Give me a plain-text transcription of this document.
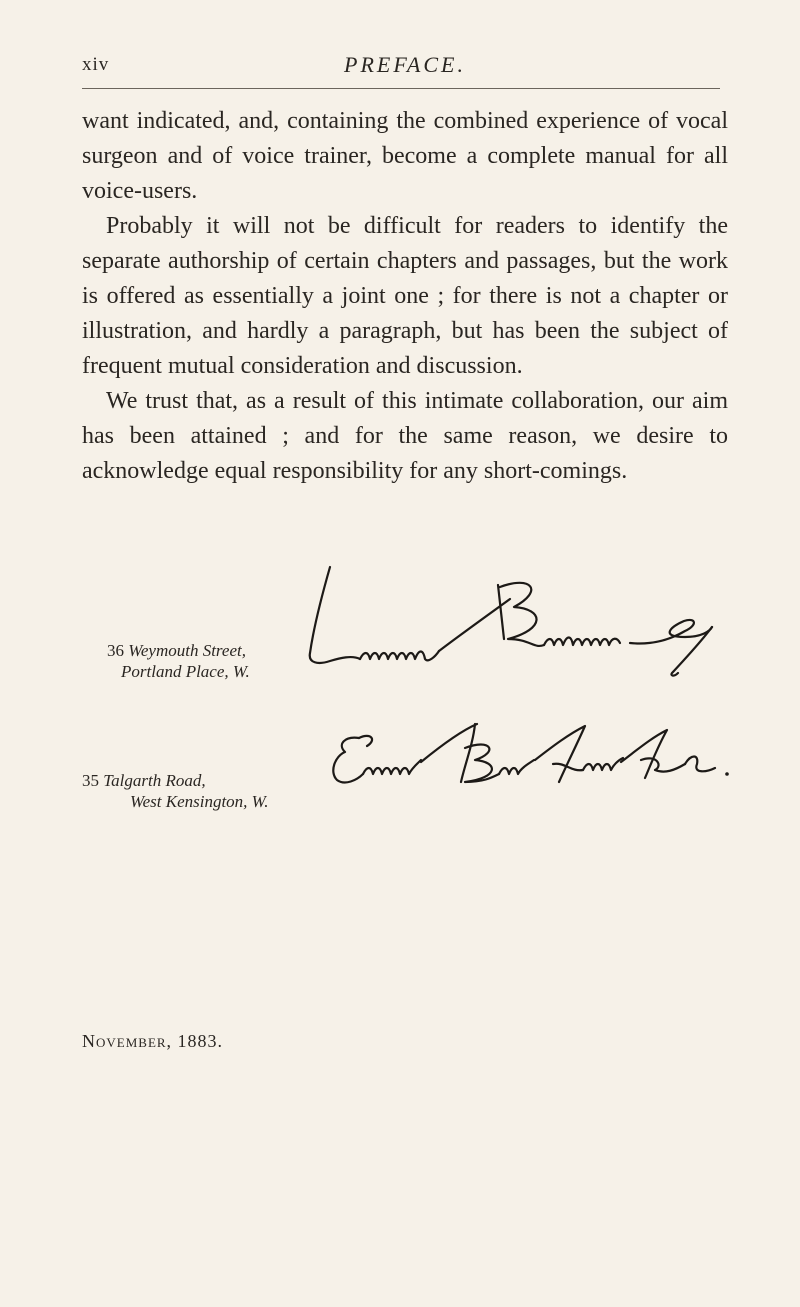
xiv	PREFACE.

want indicated, and, containing the combined experience of vocal surgeon and of voice trainer, become a complete manual for all voice-users.

Probably it will not be difficult for readers to identify the separate authorship of certain chapters and passages, but the work is offered as essentially a joint one ; for there is not a chapter or illustration, and hardly a paragraph, but has been the subject of frequent mutual consideration and discussion.

We trust that, as a result of this intimate collaboration, our aim has been attained ; and for the same reason, we desire to acknowledge equal responsibility for any short-comings.

36 Weymouth Street,
Portland Place, W.
35 Talgarth Road,
West Kensington, W.
November, 1883.
